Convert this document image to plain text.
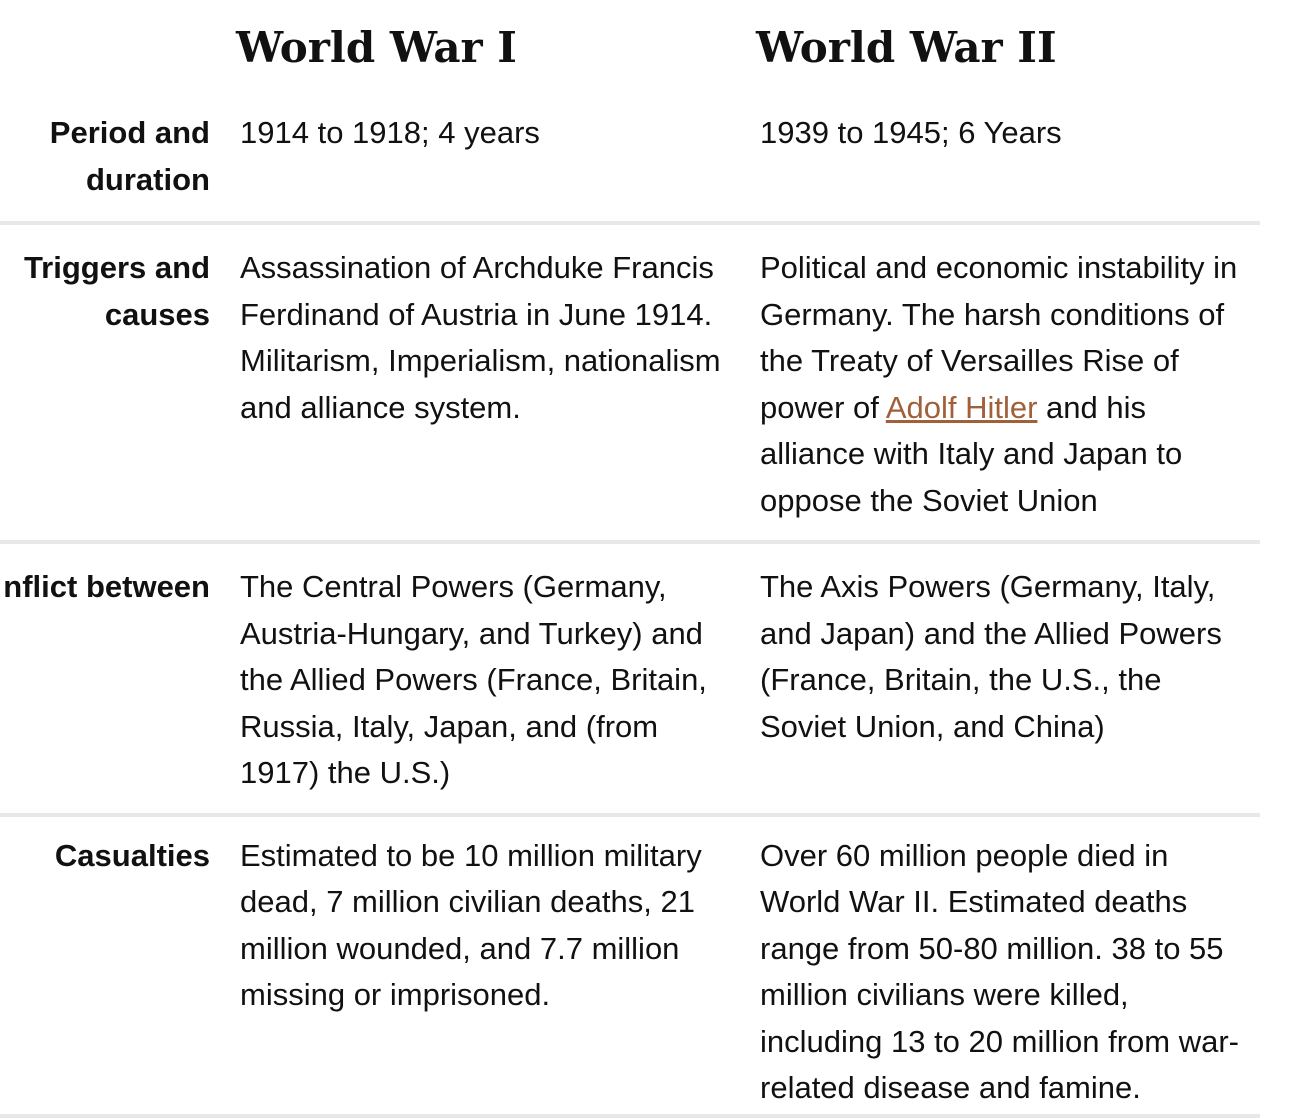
World War I	World War II
Period and duration
1914 to 1918; 4 years	1939 to 1945; 6 Years
Triggers and causes
Assassination of Archduke Francis Ferdinand of Austria in June 1914. Militarism, Imperialism, nationalism and alliance system.
Political and economic instability in Germany. The harsh conditions of the Treaty of Versailles Rise of power of Adolf Hitler and his alliance with Italy and Japan to oppose the Soviet Union
nflict between The Central Powers (Germany, Austria-Hungary, and Turkey) and the Allied Powers (France, Britain, Russia, Italy, Japan, and (from 1917) the U.S.)
The Axis Powers (Germany, Italy, and Japan) and the Allied Powers (France, Britain, the U.S., the Soviet Union, and China)
Casualties Estimated to be 10 million military dead, 7 million civilian deaths, 21 million wounded, and 7.7 million missing or imprisoned.
Over 60 million people died in World War II. Estimated deaths range from 50-80 million. 38 to 55 million civilians were killed, including 13 to 20 million from war-related disease and famine.
